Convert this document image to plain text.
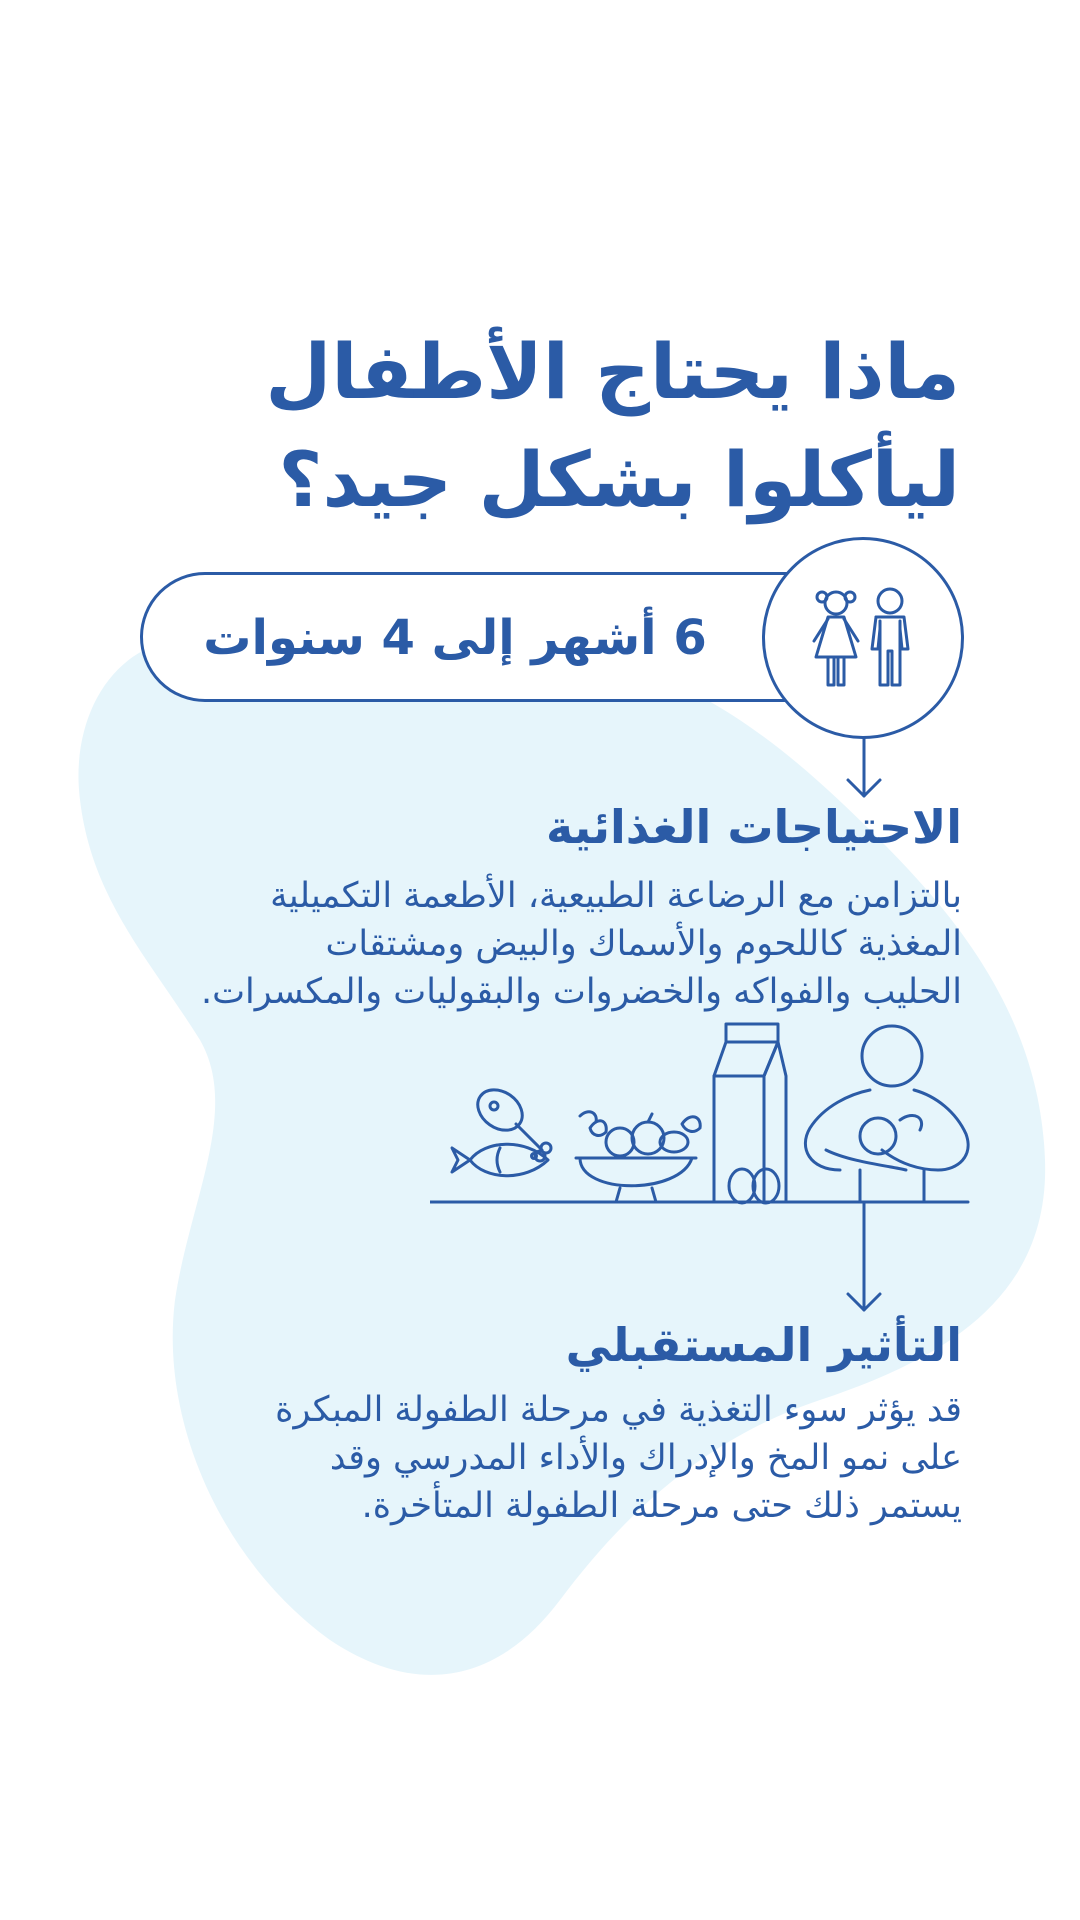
ماذا يحتاج الأطفال
ليأكلوا بشكل جيد؟
6 أشهر إلى 4 سنوات
الاحتياجات الغذائية

بالتزامن مع الرضاعة الطبيعية، الأطعمة التكميلية
المغذية كاللحوم والأسماك والبيض ومشتقات
الحليب والفواكه والخضروات والبقوليات والمكسرات.

التأثير المستقبلي

قد يؤثر سوء التغذية في مرحلة الطفولة المبكرة
على نمو المخ والإدراك والأداء المدرسي وقد
يستمر ذلك حتى مرحلة الطفولة المتأخرة.
